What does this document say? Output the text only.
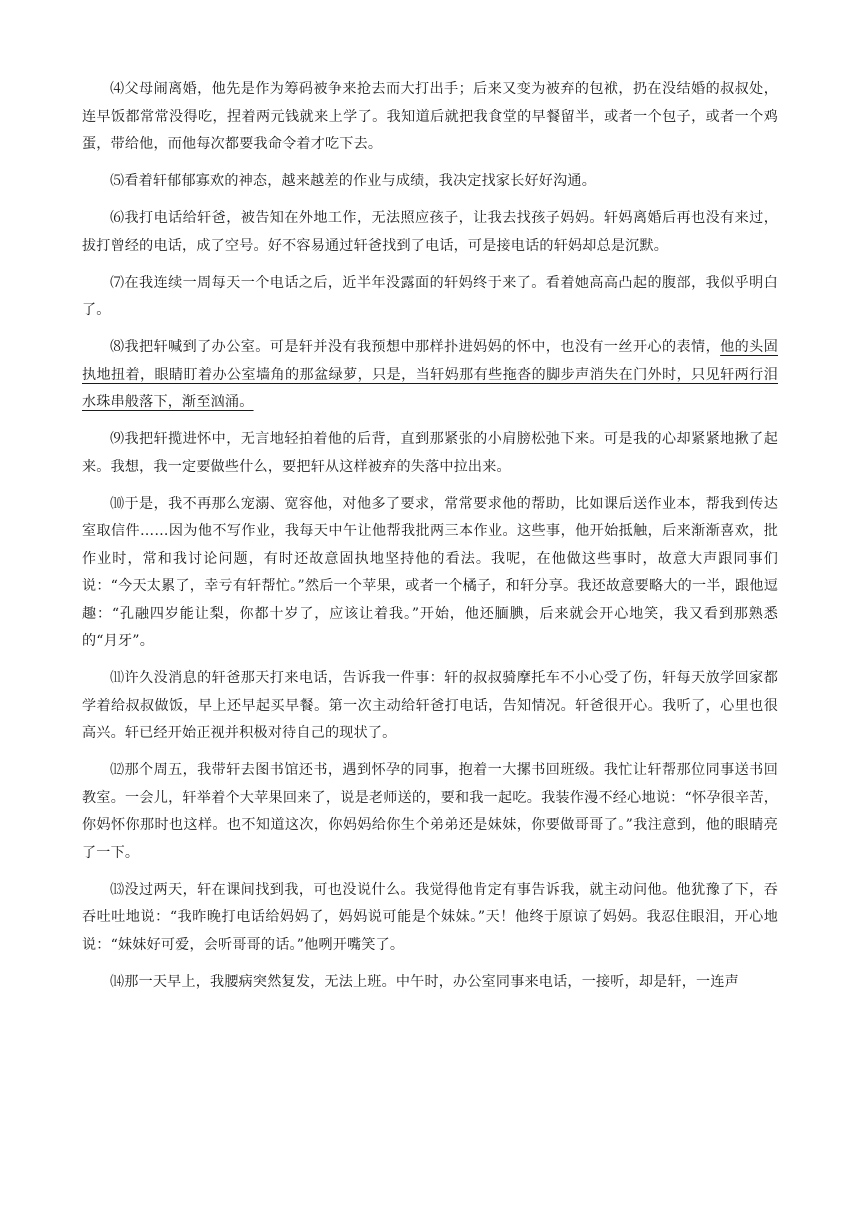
⑷父母闹离婚，他先是作为筹码被争来抢去而大打出手；后来又变为被弃的包袱，扔在没结婚的叔叔处，连早饭都常常没得吃，捏着两元钱就来上学了。我知道后就把我食堂的早餐留半，或者一个包子，或者一个鸡蛋，带给他，而他每次都要我命令着才吃下去。

⑸看着轩郁郁寡欢的神态，越来越差的作业与成绩，我决定找家长好好沟通。

⑹我打电话给轩爸，被告知在外地工作，无法照应孩子，让我去找孩子妈妈。轩妈离婚后再也没有来过，拔打曾经的电话，成了空号。好不容易通过轩爸找到了电话，可是接电话的轩妈却总是沉默。

⑺在我连续一周每天一个电话之后，近半年没露面的轩妈终于来了。看着她高高凸起的腹部，我似乎明白了。

⑻我把轩喊到了办公室。可是轩并没有我预想中那样扑进妈妈的怀中，也没有一丝开心的表情，他的头固执地扭着，眼睛盯着办公室墙角的那盆绿萝，只是，当轩妈那有些拖沓的脚步声消失在门外时，只见轩两行泪水珠串般落下，渐至汹涌。

⑼我把轩揽进怀中，无言地轻拍着他的后背，直到那紧张的小肩膀松弛下来。可是我的心却紧紧地揪了起来。我想，我一定要做些什么，要把轩从这样被弃的失落中拉出来。

⑽于是，我不再那么宠溺、宽容他，对他多了要求，常常要求他的帮助，比如课后送作业本，帮我到传达室取信件……因为他不写作业，我每天中午让他帮我批两三本作业。这些事，他开始抵触，后来渐渐喜欢，批作业时，常和我讨论问题，有时还故意固执地坚持他的看法。我呢，在他做这些事时，故意大声跟同事们说：“今天太累了，幸亏有轩帮忙。”然后一个苹果，或者一个橘子，和轩分享。我还故意要略大的一半，跟他逗趣：“孔融四岁能让梨，你都十岁了，应该让着我。”开始，他还腼腆，后来就会开心地笑，我又看到那熟悉的“月牙”。

⑾许久没消息的轩爸那天打来电话，告诉我一件事：轩的叔叔骑摩托车不小心受了伤，轩每天放学回家都学着给叔叔做饭，早上还早起买早餐。第一次主动给轩爸打电话，告知情况。轩爸很开心。我听了，心里也很高兴。轩已经开始正视并积极对待自己的现状了。

⑿那个周五，我带轩去图书馆还书，遇到怀孕的同事，抱着一大摞书回班级。我忙让轩帮那位同事送书回教室。一会儿，轩举着个大苹果回来了，说是老师送的，要和我一起吃。我装作漫不经心地说：“怀孕很辛苦，你妈怀你那时也这样。也不知道这次，你妈妈给你生个弟弟还是妹妹，你要做哥哥了。”我注意到，他的眼睛亮了一下。

⒀没过两天，轩在课间找到我，可也没说什么。我觉得他肯定有事告诉我，就主动问他。他犹豫了下，吞吞吐吐地说：“我昨晚打电话给妈妈了，妈妈说可能是个妹妹。”天！他终于原谅了妈妈。我忍住眼泪，开心地说：“妹妹好可爱，会听哥哥的话。”他咧开嘴笑了。

⒁那一天早上，我腰病突然复发，无法上班。中午时，办公室同事来电话，一接听，却是轩，一连声
